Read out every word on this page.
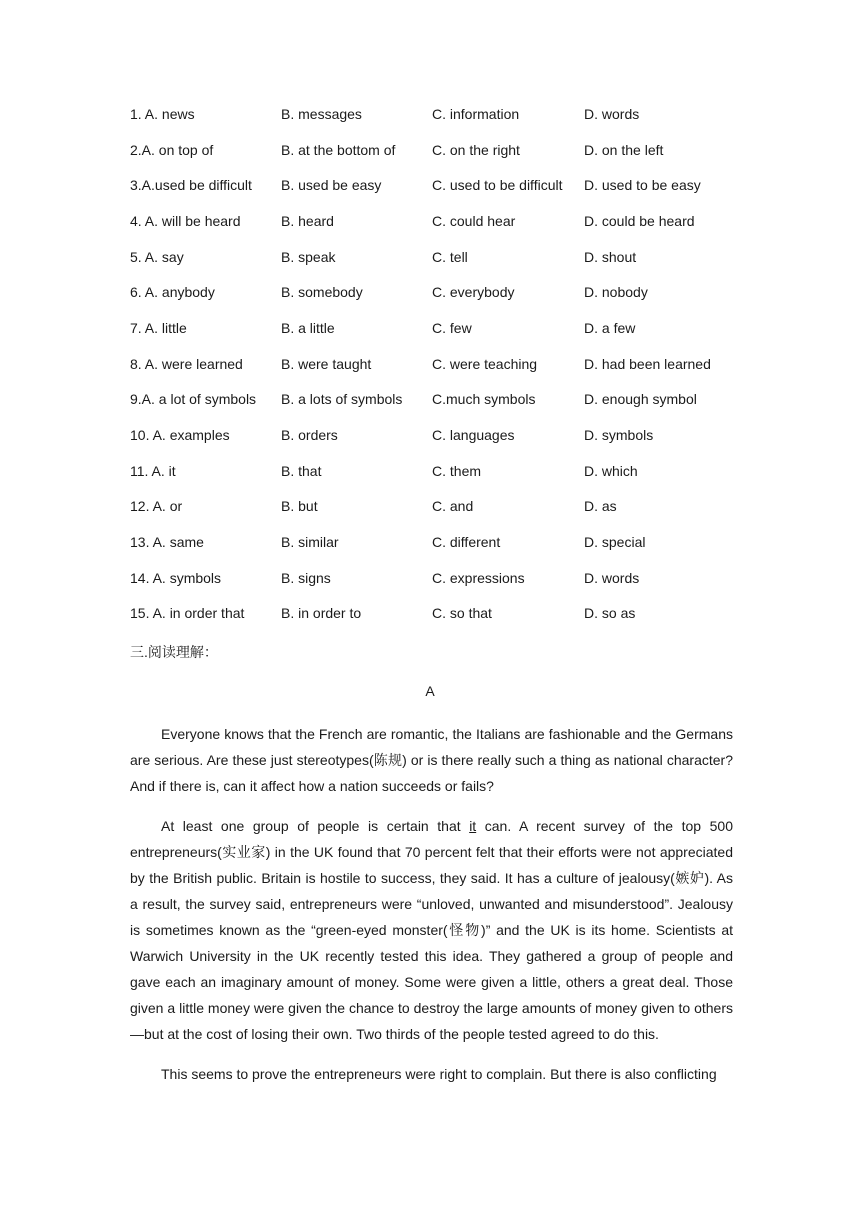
1. A. news	B. messages	C. information	D. words
2.A. on top of	B. at the bottom of	C. on the right	D. on the left
3.A.used be difficult	B. used be easy	C. used to be difficult	D. used to be easy
4. A. will be heard	B. heard	C. could hear	D. could be heard
5. A. say	B. speak	C. tell	D. shout
6. A. anybody	B. somebody	C. everybody	D. nobody
7. A. little	B. a little	C. few	D. a few
8. A. were learned	B. were taught	C. were teaching	D. had been learned
9.A. a lot of symbols	B. a lots of symbols	C.much symbols	D. enough symbol
10. A. examples	B. orders	C. languages	D. symbols
11. A. it	B. that	C. them	D. which
12. A. or	B. but	C. and	D. as
13. A. same	B. similar	C. different	D. special
14. A. symbols	B. signs	C. expressions	D. words
15. A. in order that	B. in order to	C. so that	D. so as
三.阅读理解：
A

Everyone knows that the French are romantic, the Italians are fashionable and the Germans are serious. Are these just stereotypes(陈规) or is there really such a thing as national character? And if there is, can it affect how a nation succeeds or fails?

At least one group of people is certain that it can. A recent survey of the top 500 entrepreneurs(实业家) in the UK found that 70 percent felt that their efforts were not appreciated by the British public. Britain is hostile to success, they said. It has a culture of jealousy(嫉妒). As a result, the survey said, entrepreneurs were “unloved, unwanted and misunderstood”. Jealousy is sometimes known as the “green-eyed monster(怪物)” and the UK is its home. Scientists at Warwich University in the UK recently tested this idea. They gathered a group of people and gave each an imaginary amount of money. Some were given a little, others a great deal. Those given a little money were given the chance to destroy the large amounts of money given to others—but at the cost of losing their own. Two thirds of the people tested agreed to do this.

This seems to prove the entrepreneurs were right to complain. But there is also conflicting
